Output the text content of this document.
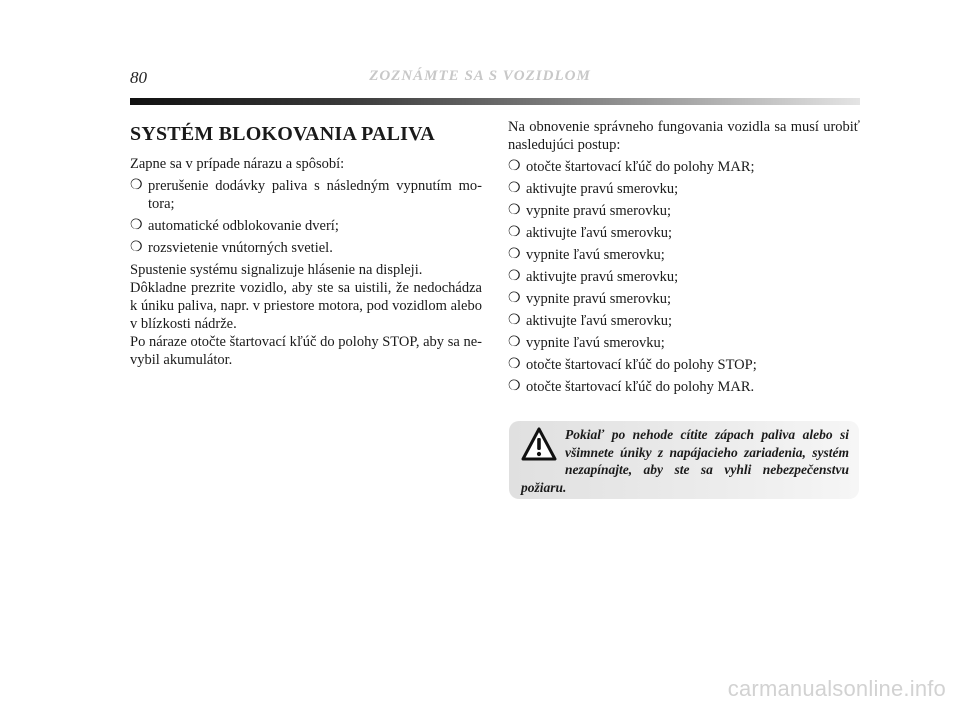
80	ZOZNÁMTE SA S VOZIDLOM
SYSTÉM BLOKOVANIA PALIVA

Zapne sa v prípade nárazu a spôsobí:

❍ prerušenie dodávky paliva s následným vypnutím mo-tora;
❍ automatické odblokovanie dverí;
❍ rozsvietenie vnútorných svetiel.

Spustenie systému signalizuje hlásenie na displeji.

Dôkladne prezrite vozidlo, aby ste sa uistili, že nedochádza k úniku paliva, napr. v priestore motora, pod vozidlom alebo v blízkosti nádrže.

Po náraze otočte štartovací kľúč do polohy STOP, aby sa ne-vybil akumulátor.

Na obnovenie správneho fungovania vozidla sa musí urobiť nasledujúci postup:

❍ otočte štartovací kľúč do polohy MAR;
❍ aktivujte pravú smerovku;
❍ vypnite pravú smerovku;
❍ aktivujte ľavú smerovku;
❍ vypnite ľavú smerovku;
❍ aktivujte pravú smerovku;
❍ vypnite pravú smerovku;
❍ aktivujte ľavú smerovku;
❍ vypnite ľavú smerovku;
❍ otočte štartovací kľúč do polohy STOP;
❍ otočte štartovací kľúč do polohy MAR.
Pokiaľ po nehode cítite zápach paliva alebo si všimnete úniky z napájacieho zariadenia, systém nezapínajte, aby ste sa vyhli nebezpečenstvu požiaru.
carmanualsonline.info
